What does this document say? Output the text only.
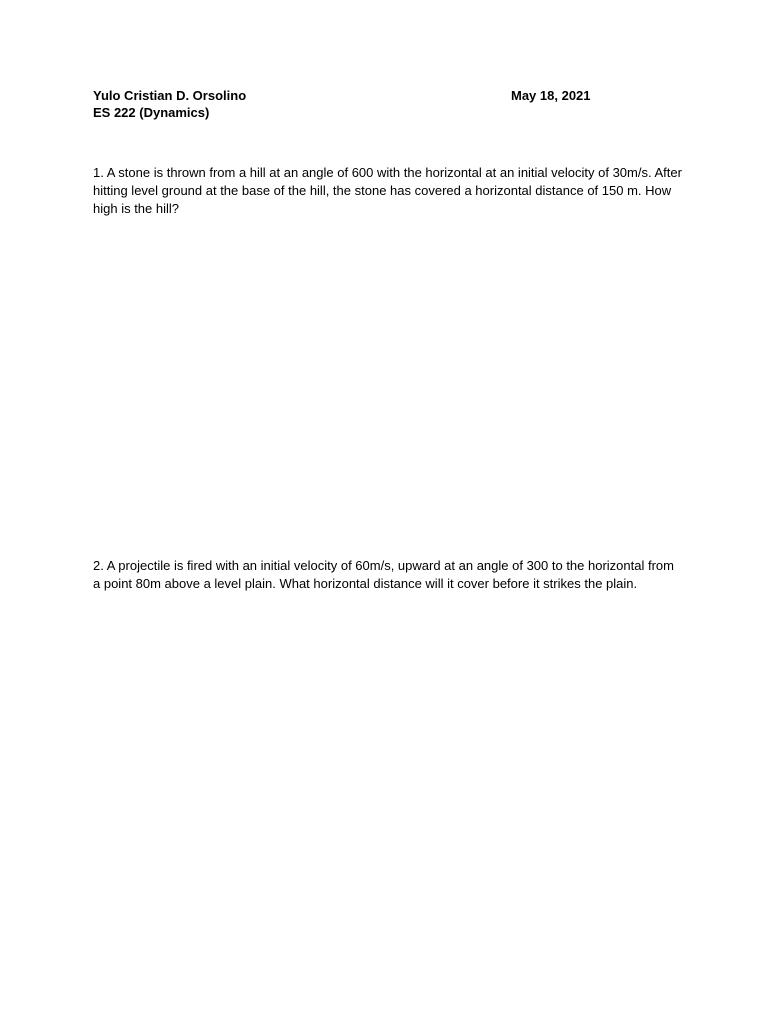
Yulo Cristian D. Orsolino	May 18, 2021
ES 222 (Dynamics)

1. A stone is thrown from a hill at an angle of 600 with the horizontal at an initial velocity of 30m/s. After hitting level ground at the base of the hill, the stone has covered a horizontal distance of 150 m. How high is the hill?

2. A projectile is fired with an initial velocity of 60m/s, upward at an angle of 300 to the horizontal from a point 80m above a level plain. What horizontal distance will it cover before it strikes the plain.
